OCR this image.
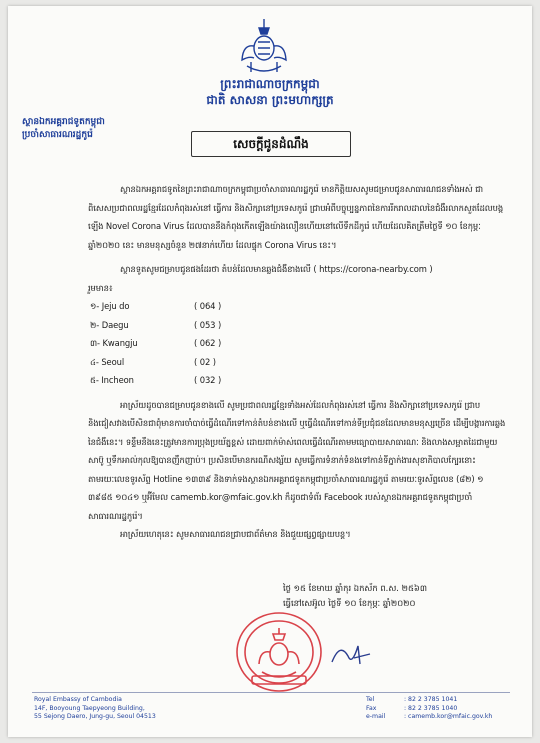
ព្រះរាជាណាចក្រកម្ពុជា
ជាតិ សាសនា ព្រះមហាក្សត្រ
ស្ថានឯកអគ្គរាជទូតកម្ពុជា
ប្រចាំសាធារណរដ្ឋកូរ៉េ
សេចក្តីជូនដំណឹង

ស្ថានឯកអគ្គរាជទូតនៃព្រះរាជាណាចក្រកម្ពុជាប្រចាំសាធារណរដ្ឋកូរ៉េ មានកិត្តិយសសូមជម្រាបជូនសាធារណជនទាំងអស់ ជាពិសេសប្រជាពលរដ្ឋខ្មែរដែលកំពុងរស់នៅ ធ្វើការ និងសិក្សានៅប្រទេសកូរ៉េ ជ្រាបអំពីបច្ចុប្បន្នភាពនៃការរីករាលដាលនៃជំងឺរលាកសួតដែលបង្កឡើង Novel Corona Virus ដែលបាននឹងកំពុងកើតឡើងយ៉ាងលឿនហើយនៅលើទឹកដីកូរ៉េ ហើយដែលគិតត្រឹមថ្ងៃទី ១០ ខែកុម្ភៈ ឆ្នាំ២០២០ នេះ មានមនុស្សចំនួន ២៧នាក់ហើយ ដែលផ្ទុក Corona Virus នេះ។

ស្ថានទូតសូមជម្រាបជូនផងដែរថា តំបន់ដែលមានឆ្លងជំងឺខាងលើ ( https://corona-nearby.com )

រួមមាន៖

១- Jeju do	( 064 )
២- Daegu	( 053 )
៣- Kwangju	( 062 )
៤- Seoul	( 02 )
៥- Incheon	( 032 )

អាស្រ័យដូចបានជម្រាបជូនខាងលើ សូមប្រជាពលរដ្ឋខ្មែរទាំងអស់ដែលកំពុងរស់នៅ ធ្វើការ និងសិក្សានៅប្រទេសកូរ៉េ ជ្រាប និងជៀសវាងបើសិនជាពុំមានការចាំបាច់ធ្វើដំណើរទៅកាន់តំបន់ខាងលើ ឬធ្វើដំណើរទៅកាន់ទីប្រជុំជនដែលមានមនុស្សច្រើន ដើម្បីបង្ការការឆ្លងនៃជំងឺនេះ។ ទន្ទឹមនឹងនេះត្រូវមានការប្រុងប្រយ័ត្នខ្ពស់ ដោយពាក់ម៉ាស់ពេលធ្វើដំណើរតាមមធ្យោបាយសាធារណៈ និងលាងសម្អាតដៃជាមួយសាប៊ូ ឬទឹកអាល់កុលឱ្យបានញឹកញាប់។ ប្រសិនបើមានករណីសង្ស័យ សូមធ្វើការទំនាក់ទំនងទៅកាន់ទីភ្នាក់ងារសុខាភិបាលក្បែរនោះ តាមរយៈលេខទូរស័ព្ទ Hotline ១៣៣៩ និងទាក់ទងស្ថានឯកអគ្គរាជទូតកម្ពុជាប្រចាំសាធារណរដ្ឋកូរ៉េ តាមរយៈទូរស័ព្ទលេខ (៨២) ១ ៣៩៨៥ ១០៤១ ឬអ៊ីមែល camemb.kor@mfaic.gov.kh ក៏ដូចជាទំព័រ Facebook របស់ស្ថានឯកអគ្គរាជទូតកម្ពុជាប្រចាំសាធារណរដ្ឋកូរ៉េ។

អាស្រ័យហេតុនេះ សូមសាធារណជនជ្រាបជាព័ត៌មាន និងជួយផ្សព្វផ្សាយបន្ត។

ថ្ងៃ ១៥ ខែមាឃ ឆ្នាំកុរ ឯកស័ក ព.ស. ២៥៦៣
ធ្វើនៅសេអ៊ូល ថ្ងៃទី ១០ ខែកុម្ភៈ ឆ្នាំ២០២០
Royal Embassy of Cambodia
14F, Booyoung Taepyeong Building,
55 Sejong Daero, Jung-gu, Seoul 04513
Tel	: 82 2 3785 1041
Fax	: 82 2 3785 1040
e-mail	: camemb.kor@mfaic.gov.kh
